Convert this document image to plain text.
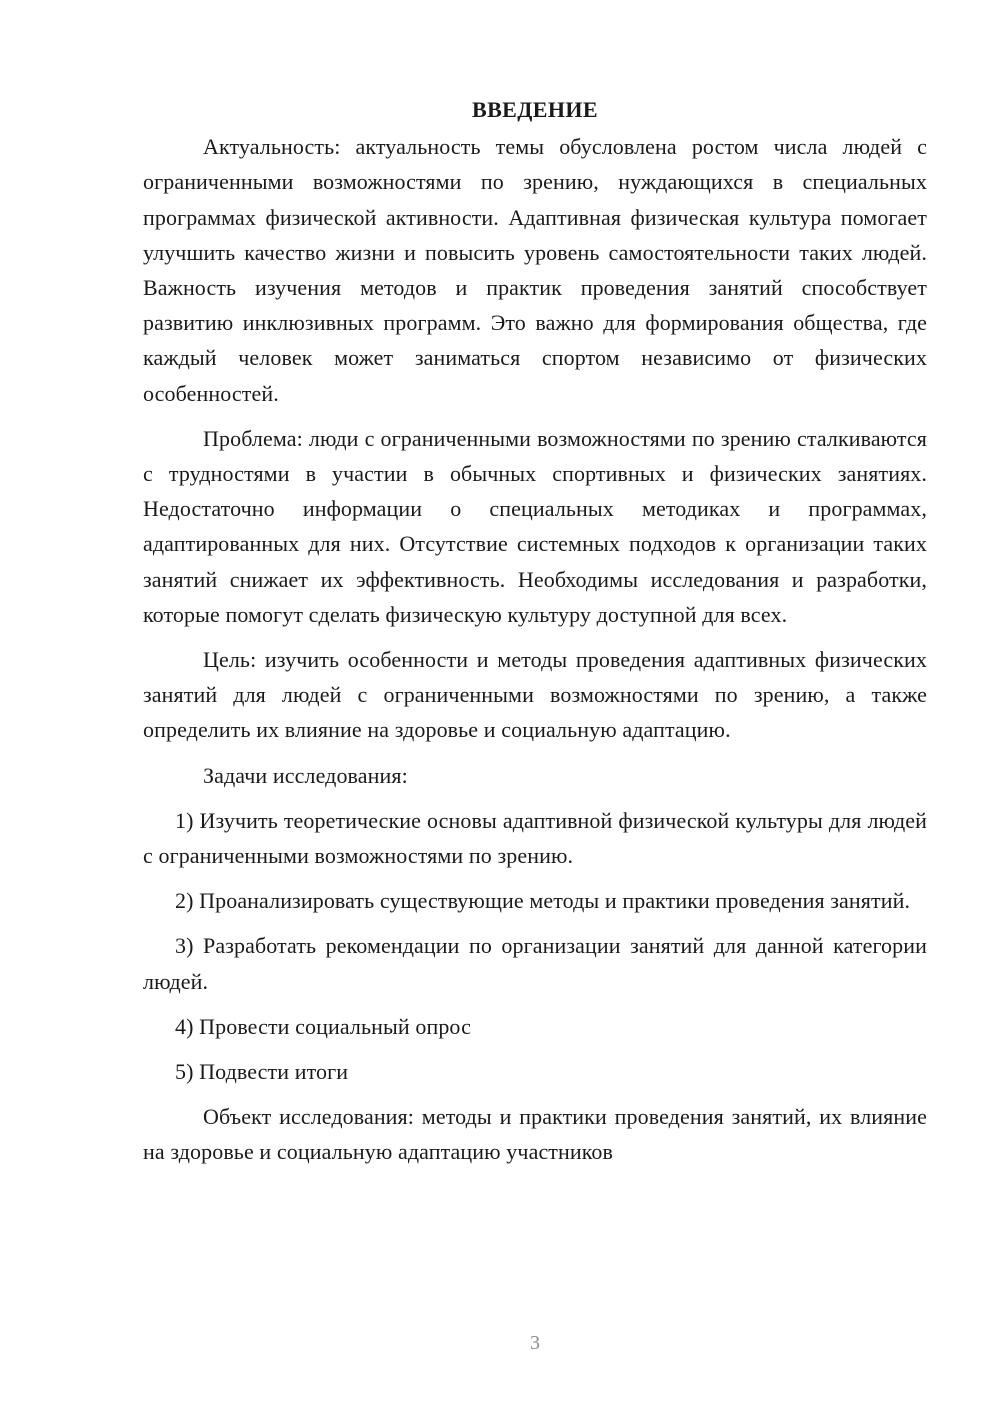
ВВЕДЕНИЕ
Актуальность: актуальность темы обусловлена ростом числа людей с ограниченными возможностями по зрению, нуждающихся в специальных программах физической активности. Адаптивная физическая культура помогает улучшить качество жизни и повысить уровень самостоятельности таких людей. Важность изучения методов и практик проведения занятий способствует развитию инклюзивных программ. Это важно для формирования общества, где каждый человек может заниматься спортом независимо от физических особенностей.
Проблема: люди с ограниченными возможностями по зрению сталкиваются с трудностями в участии в обычных спортивных и физических занятиях. Недостаточно информации о специальных методиках и программах, адаптированных для них. Отсутствие системных подходов к организации таких занятий снижает их эффективность. Необходимы исследования и разработки, которые помогут сделать физическую культуру доступной для всех.
Цель: изучить особенности и методы проведения адаптивных физических занятий для людей с ограниченными возможностями по зрению, а также определить их влияние на здоровье и социальную адаптацию.
Задачи исследования:
1) Изучить теоретические основы адаптивной физической культуры для людей с ограниченными возможностями по зрению.
2) Проанализировать существующие методы и практики проведения занятий.
3) Разработать рекомендации по организации занятий для данной категории людей.
4) Провести социальный опрос
5) Подвести итоги
Объект исследования: методы и практики проведения занятий, их влияние на здоровье и социальную адаптацию участников
3
